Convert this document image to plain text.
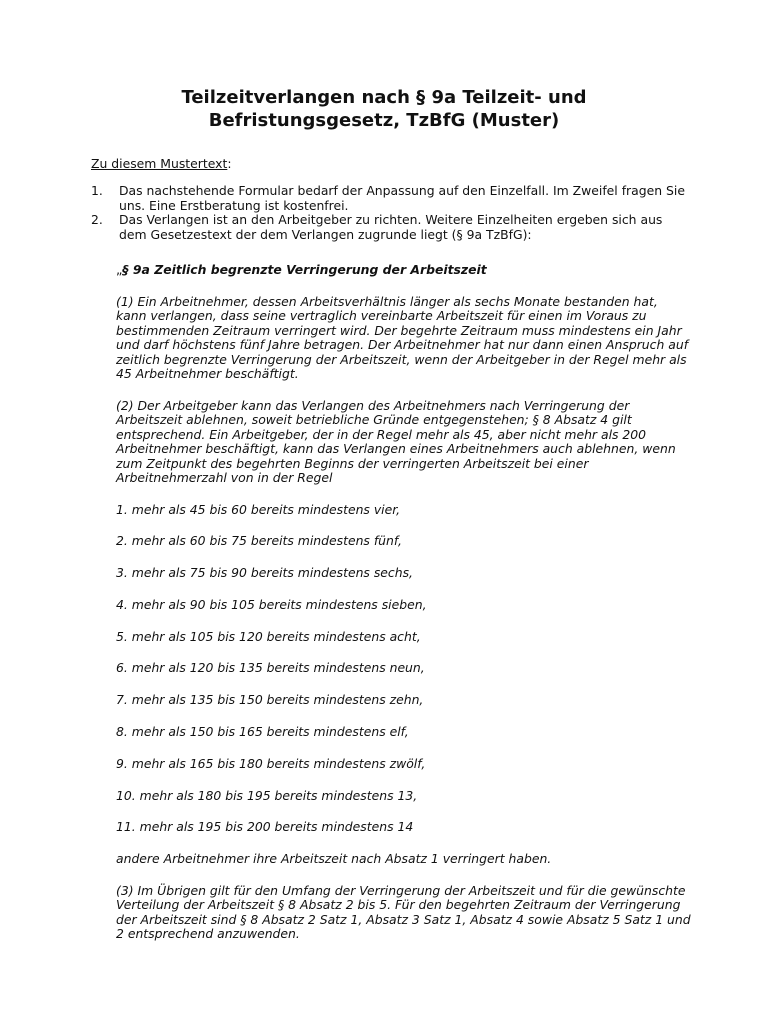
Teilzeitverlangen nach § 9a Teilzeit- und
Befristungsgesetz, TzBfG (Muster)
Zu diesem Mustertext:
1. Das nachstehende Formular bedarf der Anpassung auf den Einzelfall. Im Zweifel fragen Sie uns. Eine Erstberatung ist kostenfrei.
2. Das Verlangen ist an den Arbeitgeber zu richten. Weitere Einzelheiten ergeben sich aus dem Gesetzestext der dem Verlangen zugrunde liegt (§ 9a TzBfG):

„§ 9a Zeitlich begrenzte Verringerung der Arbeitszeit

(1) Ein Arbeitnehmer, dessen Arbeitsverhältnis länger als sechs Monate bestanden hat, kann verlangen, dass seine vertraglich vereinbarte Arbeitszeit für einen im Voraus zu bestimmenden Zeitraum verringert wird. Der begehrte Zeitraum muss mindestens ein Jahr und darf höchstens fünf Jahre betragen. Der Arbeitnehmer hat nur dann einen Anspruch auf zeitlich begrenzte Verringerung der Arbeitszeit, wenn der Arbeitgeber in der Regel mehr als 45 Arbeitnehmer beschäftigt.

(2) Der Arbeitgeber kann das Verlangen des Arbeitnehmers nach Verringerung der Arbeitszeit ablehnen, soweit betriebliche Gründe entgegenstehen; § 8 Absatz 4 gilt entsprechend. Ein Arbeitgeber, der in der Regel mehr als 45, aber nicht mehr als 200 Arbeitnehmer beschäftigt, kann das Verlangen eines Arbeitnehmers auch ablehnen, wenn zum Zeitpunkt des begehrten Beginns der verringerten Arbeitszeit bei einer Arbeitnehmerzahl von in der Regel

1. mehr als 45 bis 60 bereits mindestens vier,

2. mehr als 60 bis 75 bereits mindestens fünf,

3. mehr als 75 bis 90 bereits mindestens sechs,

4. mehr als 90 bis 105 bereits mindestens sieben,

5. mehr als 105 bis 120 bereits mindestens acht,

6. mehr als 120 bis 135 bereits mindestens neun,

7. mehr als 135 bis 150 bereits mindestens zehn,

8. mehr als 150 bis 165 bereits mindestens elf,

9. mehr als 165 bis 180 bereits mindestens zwölf,

10. mehr als 180 bis 195 bereits mindestens 13,

11. mehr als 195 bis 200 bereits mindestens 14

andere Arbeitnehmer ihre Arbeitszeit nach Absatz 1 verringert haben.

(3) Im Übrigen gilt für den Umfang der Verringerung der Arbeitszeit und für die gewünschte Verteilung der Arbeitszeit § 8 Absatz 2 bis 5. Für den begehrten Zeitraum der Verringerung der Arbeitszeit sind § 8 Absatz 2 Satz 1, Absatz 3 Satz 1, Absatz 4 sowie Absatz 5 Satz 1 und 2 entsprechend anzuwenden.
